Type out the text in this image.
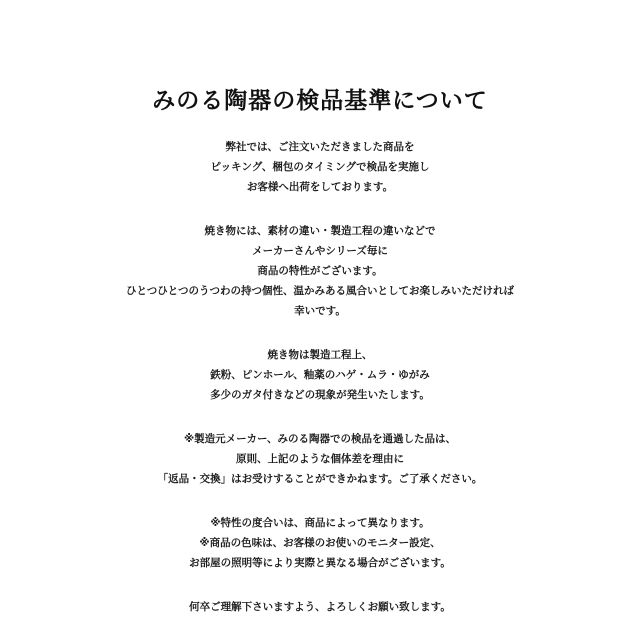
みのる陶器の検品基準について
弊社では、ご注文いただきました商品を
ピッキング、梱包のタイミングで検品を実施し
お客様へ出荷をしております。
焼き物には、素材の違い・製造工程の違いなどで
メーカーさんやシリーズ毎に
商品の特性がございます。
ひとつひとつのうつわの持つ個性、温かみある風合いとしてお楽しみいただければ
幸いです。
焼き物は製造工程上、
鉄粉、ピンホール、釉薬のハゲ・ムラ・ゆがみ
多少のガタ付きなどの現象が発生いたします。
※製造元メーカー、みのる陶器での検品を通過した品は、
原則、上記のような個体差を理由に
「返品・交換」はお受けすることができかねます。ご了承ください。
※特性の度合いは、商品によって異なります。
※商品の色味は、お客様のお使いのモニター設定、
お部屋の照明等により実際と異なる場合がございます。
何卒ご理解下さいますよう、よろしくお願い致します。
